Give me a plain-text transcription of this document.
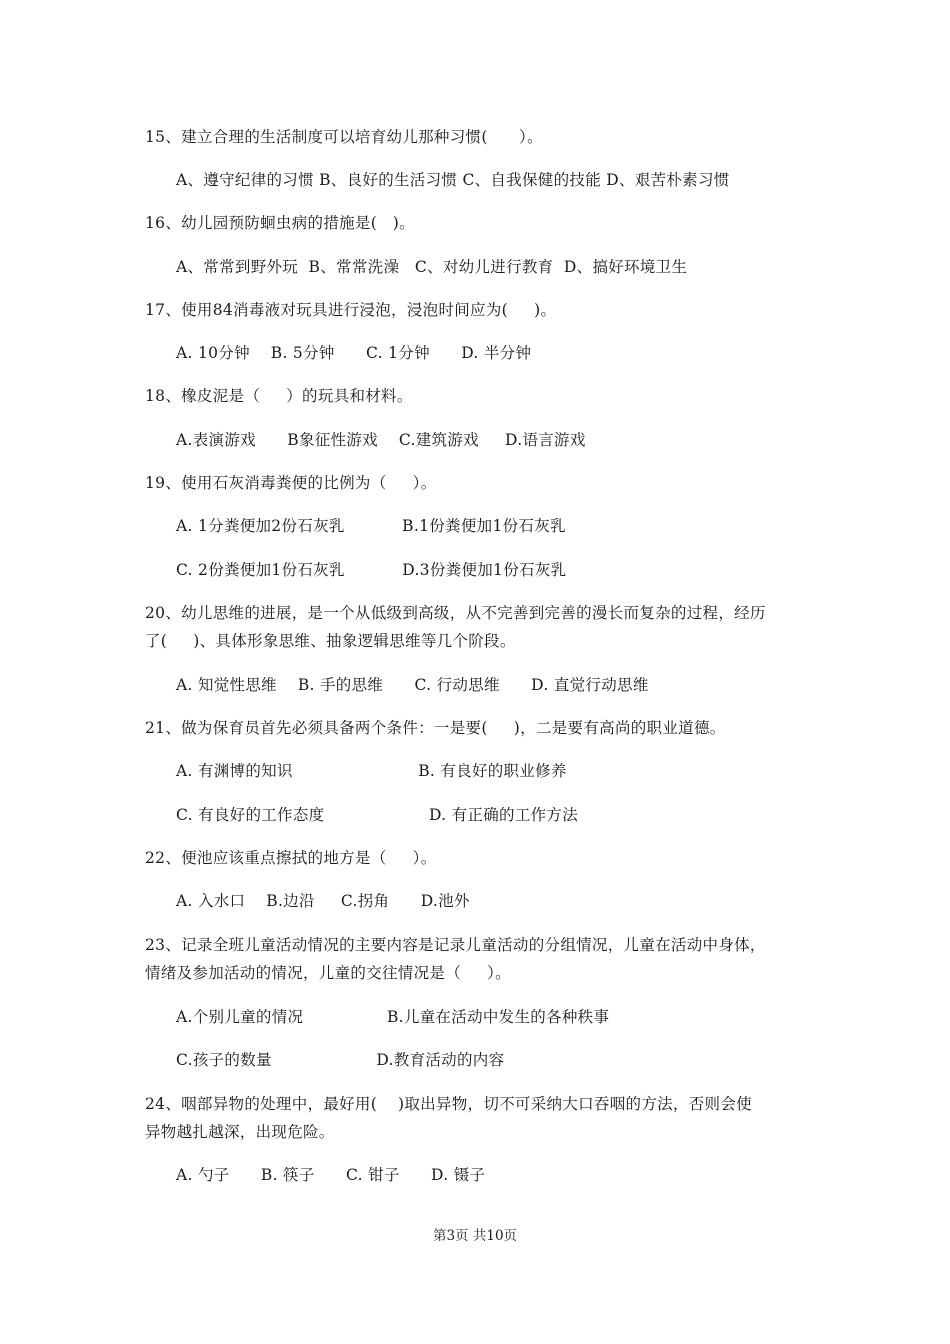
15、建立合理的生活制度可以培育幼儿那种习惯(      ）。
A、遵守纪律的习惯 B、良好的生活习惯 C、自我保健的技能 D、艰苦朴素习惯
16、幼儿园预防蛔虫病的措施是(   )。
A、常常到野外玩  B、常常洗澡   C、对幼儿进行教育  D、搞好环境卫生
17、使用84消毒液对玩具进行浸泡，浸泡时间应为(     )。
A. 10分钟    B. 5分钟      C. 1分钟      D. 半分钟
18、橡皮泥是（     ）的玩具和材料。
A.表演游戏      B象征性游戏    C.建筑游戏     D.语言游戏
19、使用石灰消毒粪便的比例为（     ）。
A. 1分粪便加2份石灰乳           B.1份粪便加1份石灰乳
C. 2份粪便加1份石灰乳           D.3份粪便加1份石灰乳
20、幼儿思维的进展，是一个从低级到高级，从不完善到完善的漫长而复杂的过程，经历
了(     )、具体形象思维、抽象逻辑思维等几个阶段。
A. 知觉性思维    B. 手的思维      C. 行动思维      D. 直觉行动思维
21、做为保育员首先必须具备两个条件：一是要(     )，二是要有高尚的职业道德。
A. 有渊博的知识                        B. 有良好的职业修养
C. 有良好的工作态度                    D. 有正确的工作方法
22、便池应该重点擦拭的地方是（     ）。
A. 入水口    B.边沿     C.拐角      D.池外
23、记录全班儿童活动情况的主要内容是记录儿童活动的分组情况，儿童在活动中身体，
情绪及参加活动的情况，儿童的交往情况是（     ）。
A.个别儿童的情况                B.儿童在活动中发生的各种秩事
C.孩子的数量                    D.教育活动的内容
24、咽部异物的处理中，最好用(    )取出异物，切不可采纳大口吞咽的方法，否则会使
异物越扎越深，出现危险。
A. 勺子      B. 筷子      C. 钳子      D. 镊子
第3页 共10页
